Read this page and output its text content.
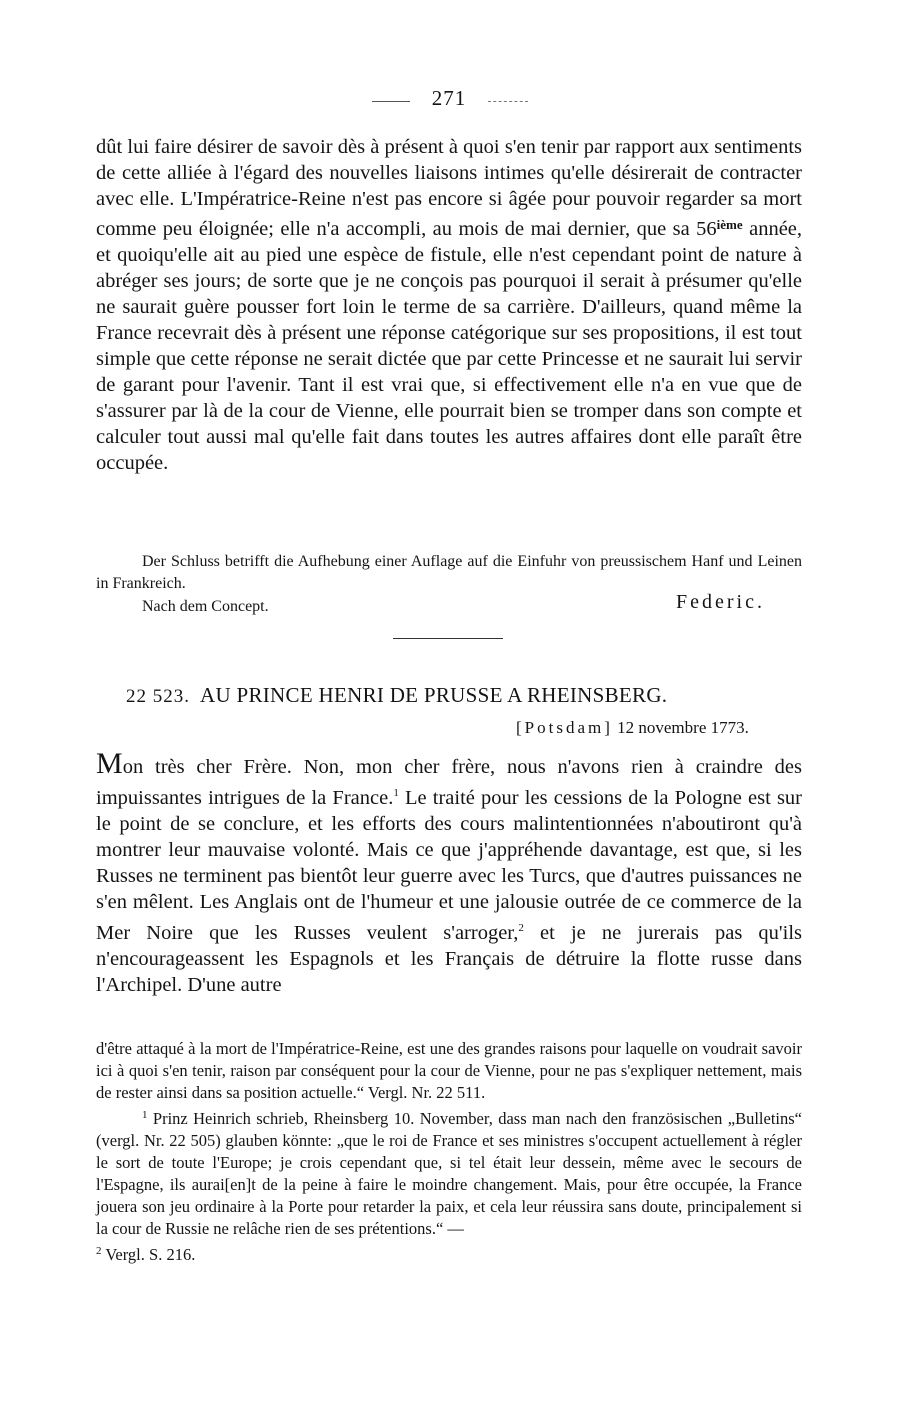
271

dût lui faire désirer de savoir dès à présent à quoi s'en tenir par rapport aux sentiments de cette alliée à l'égard des nouvelles liaisons intimes qu'elle désirerait de contracter avec elle. L'Impératrice-Reine n'est pas encore si âgée pour pouvoir regarder sa mort comme peu éloignée; elle n'a accompli, au mois de mai dernier, que sa 56ième année, et quoiqu'elle ait au pied une espèce de fistule, elle n'est cependant point de nature à abréger ses jours; de sorte que je ne conçois pas pourquoi il serait à présumer qu'elle ne saurait guère pousser fort loin le terme de sa carrière. D'ailleurs, quand même la France recevrait dès à présent une réponse catégorique sur ses propositions, il est tout simple que cette réponse ne serait dictée que par cette Princesse et ne saurait lui servir de garant pour l'avenir. Tant il est vrai que, si effectivement elle n'a en vue que de s'assurer par là de la cour de Vienne, elle pourrait bien se tromper dans son compte et calculer tout aussi mal qu'elle fait dans toutes les autres affaires dont elle paraît être occupée.

Der Schluss betrifft die Aufhebung einer Auflage auf die Einfuhr von preussischem Hanf und Leinen in Frankreich.
Nach dem Concept.	Federic.
22 523. AU PRINCE HENRI DE PRUSSE A RHEINSBERG.
[Potsdam] 12 novembre 1773.

Mon très cher Frère. Non, mon cher frère, nous n'avons rien à craindre des impuissantes intrigues de la France.$^1$ Le traité pour les cessions de la Pologne est sur le point de se conclure, et les efforts des cours malintentionnées n'aboutiront qu'à montrer leur mauvaise volonté. Mais ce que j'appréhende davantage, est que, si les Russes ne terminent pas bientôt leur guerre avec les Turcs, que d'autres puissances ne s'en mêlent. Les Anglais ont de l'humeur et une jalousie outrée de ce commerce de la Mer Noire que les Russes veulent s'arroger,$^2$ et je ne jurerais pas qu'ils n'encourageassent les Espagnols et les Français de détruire la flotte russe dans l'Archipel. D'une autre

d'être attaqué à la mort de l'Impératrice-Reine, est une des grandes raisons pour laquelle on voudrait savoir ici à quoi s'en tenir, raison par conséquent pour la cour de Vienne, pour ne pas s'expliquer nettement, mais de rester ainsi dans sa position actuelle.“ Vergl. Nr. 22 511.

$^1$ Prinz Heinrich schrieb, Rheinsberg 10. November, dass man nach den französischen „Bulletins“ (vergl. Nr. 22 505) glauben könnte: „que le roi de France et ses ministres s'occupent actuellement à régler le sort de toute l'Europe; je crois cependant que, si tel était leur dessein, même avec le secours de l'Espagne, ils aurai[en]t de la peine à faire le moindre changement. Mais, pour être occupée, la France jouera son jeu ordinaire à la Porte pour retarder la paix, et cela leur réussira sans doute, principalement si la cour de Russie ne relâche rien de ses prétentions.“ —

$^2$ Vergl. S. 216.
